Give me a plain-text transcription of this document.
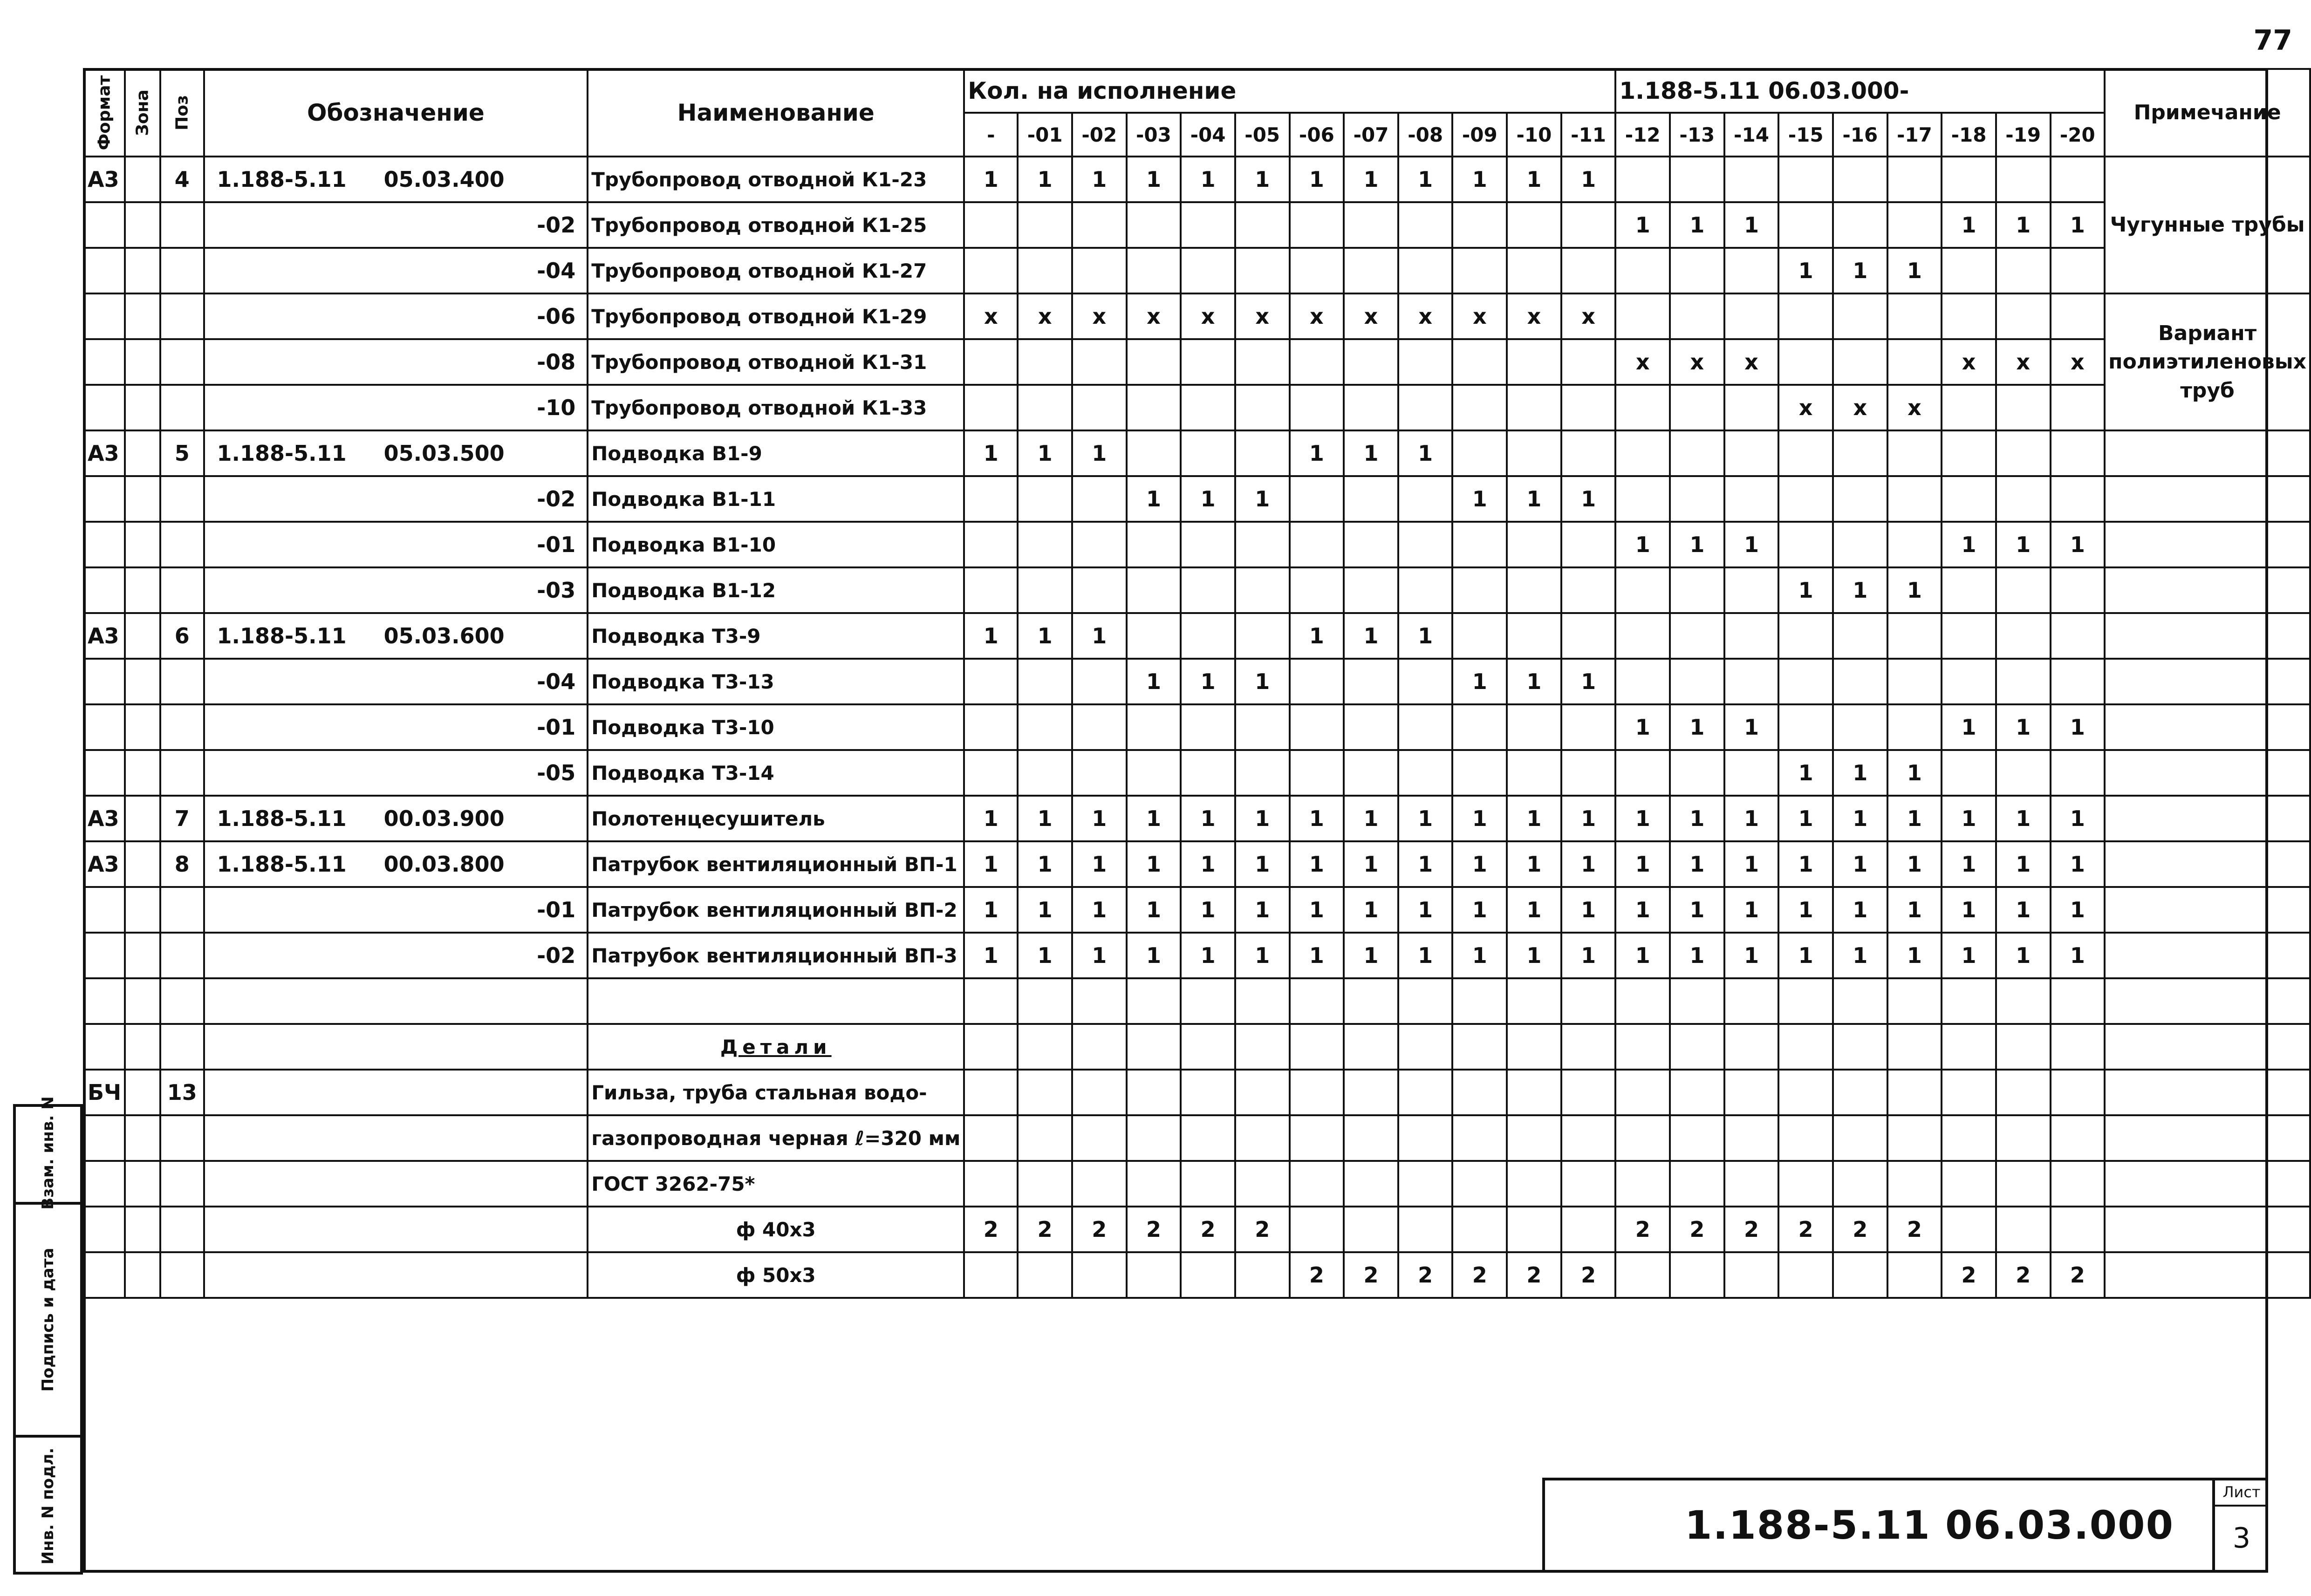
77
Взам. инв. N
Подпись и дата
Инв. N подл.
Формат	Зона	Поз	Обозначение	Наименование	Кол. на исполнение												1.188-5.11 06.03.000-									Примечание
					-	-01	-02	-03	-04	-05	-06	-07	-08	-09	-10	-11	-12	-13	-14	-15	-16	-17	-18	-19	-20	
А3		4	1.188-5.11 05.03.400	Трубопровод отводной К1-23	1	1	1	1	1	1	1	1	1	1	1	1										Чугунные трубы
			-02	Трубопровод отводной К1-25													1	1	1				1	1	1	
			-04	Трубопровод отводной К1-27																1	1	1				
			-06	Трубопровод отводной К1-29	x	x	x	x	x	x	x	x	x	x	x	x										Вариант полиэтиленовых труб
			-08	Трубопровод отводной К1-31													x	x	x				x	x	x	
			-10	Трубопровод отводной К1-33																x	x	x				
А3		5	1.188-5.11 05.03.500	Подводка В1-9	1	1	1				1	1	1													
			-02	Подводка В1-11				1	1	1				1	1	1										
			-01	Подводка В1-10													1	1	1				1	1	1	
			-03	Подводка В1-12																1	1	1				
А3		6	1.188-5.11 05.03.600	Подводка Т3-9	1	1	1				1	1	1													
			-04	Подводка Т3-13				1	1	1				1	1	1										
			-01	Подводка Т3-10													1	1	1				1	1	1	
			-05	Подводка Т3-14																1	1	1				
А3		7	1.188-5.11 00.03.900	Полотенцесушитель	1	1	1	1	1	1	1	1	1	1	1	1	1	1	1	1	1	1	1	1	1	
А3		8	1.188-5.11 00.03.800	Патрубок вентиляционный ВП-1	1	1	1	1	1	1	1	1	1	1	1	1	1	1	1	1	1	1	1	1	1	
			-01	Патрубок вентиляционный ВП-2	1	1	1	1	1	1	1	1	1	1	1	1	1	1	1	1	1	1	1	1	1	
			-02	Патрубок вентиляционный ВП-3	1	1	1	1	1	1	1	1	1	1	1	1	1	1	1	1	1	1	1	1	1	

				Детали																						
БЧ		13		Гильза, труба стальная водо-																						
				газопроводная черная ℓ=320 мм																						
				ГОСТ 3262-75*																						
				ф 40х3	2	2	2	2	2	2							2	2	2	2	2	2				
				ф 50х3							2	2	2	2	2	2							2	2	2	
1.188-5.11 06.03.000
Лист
3
